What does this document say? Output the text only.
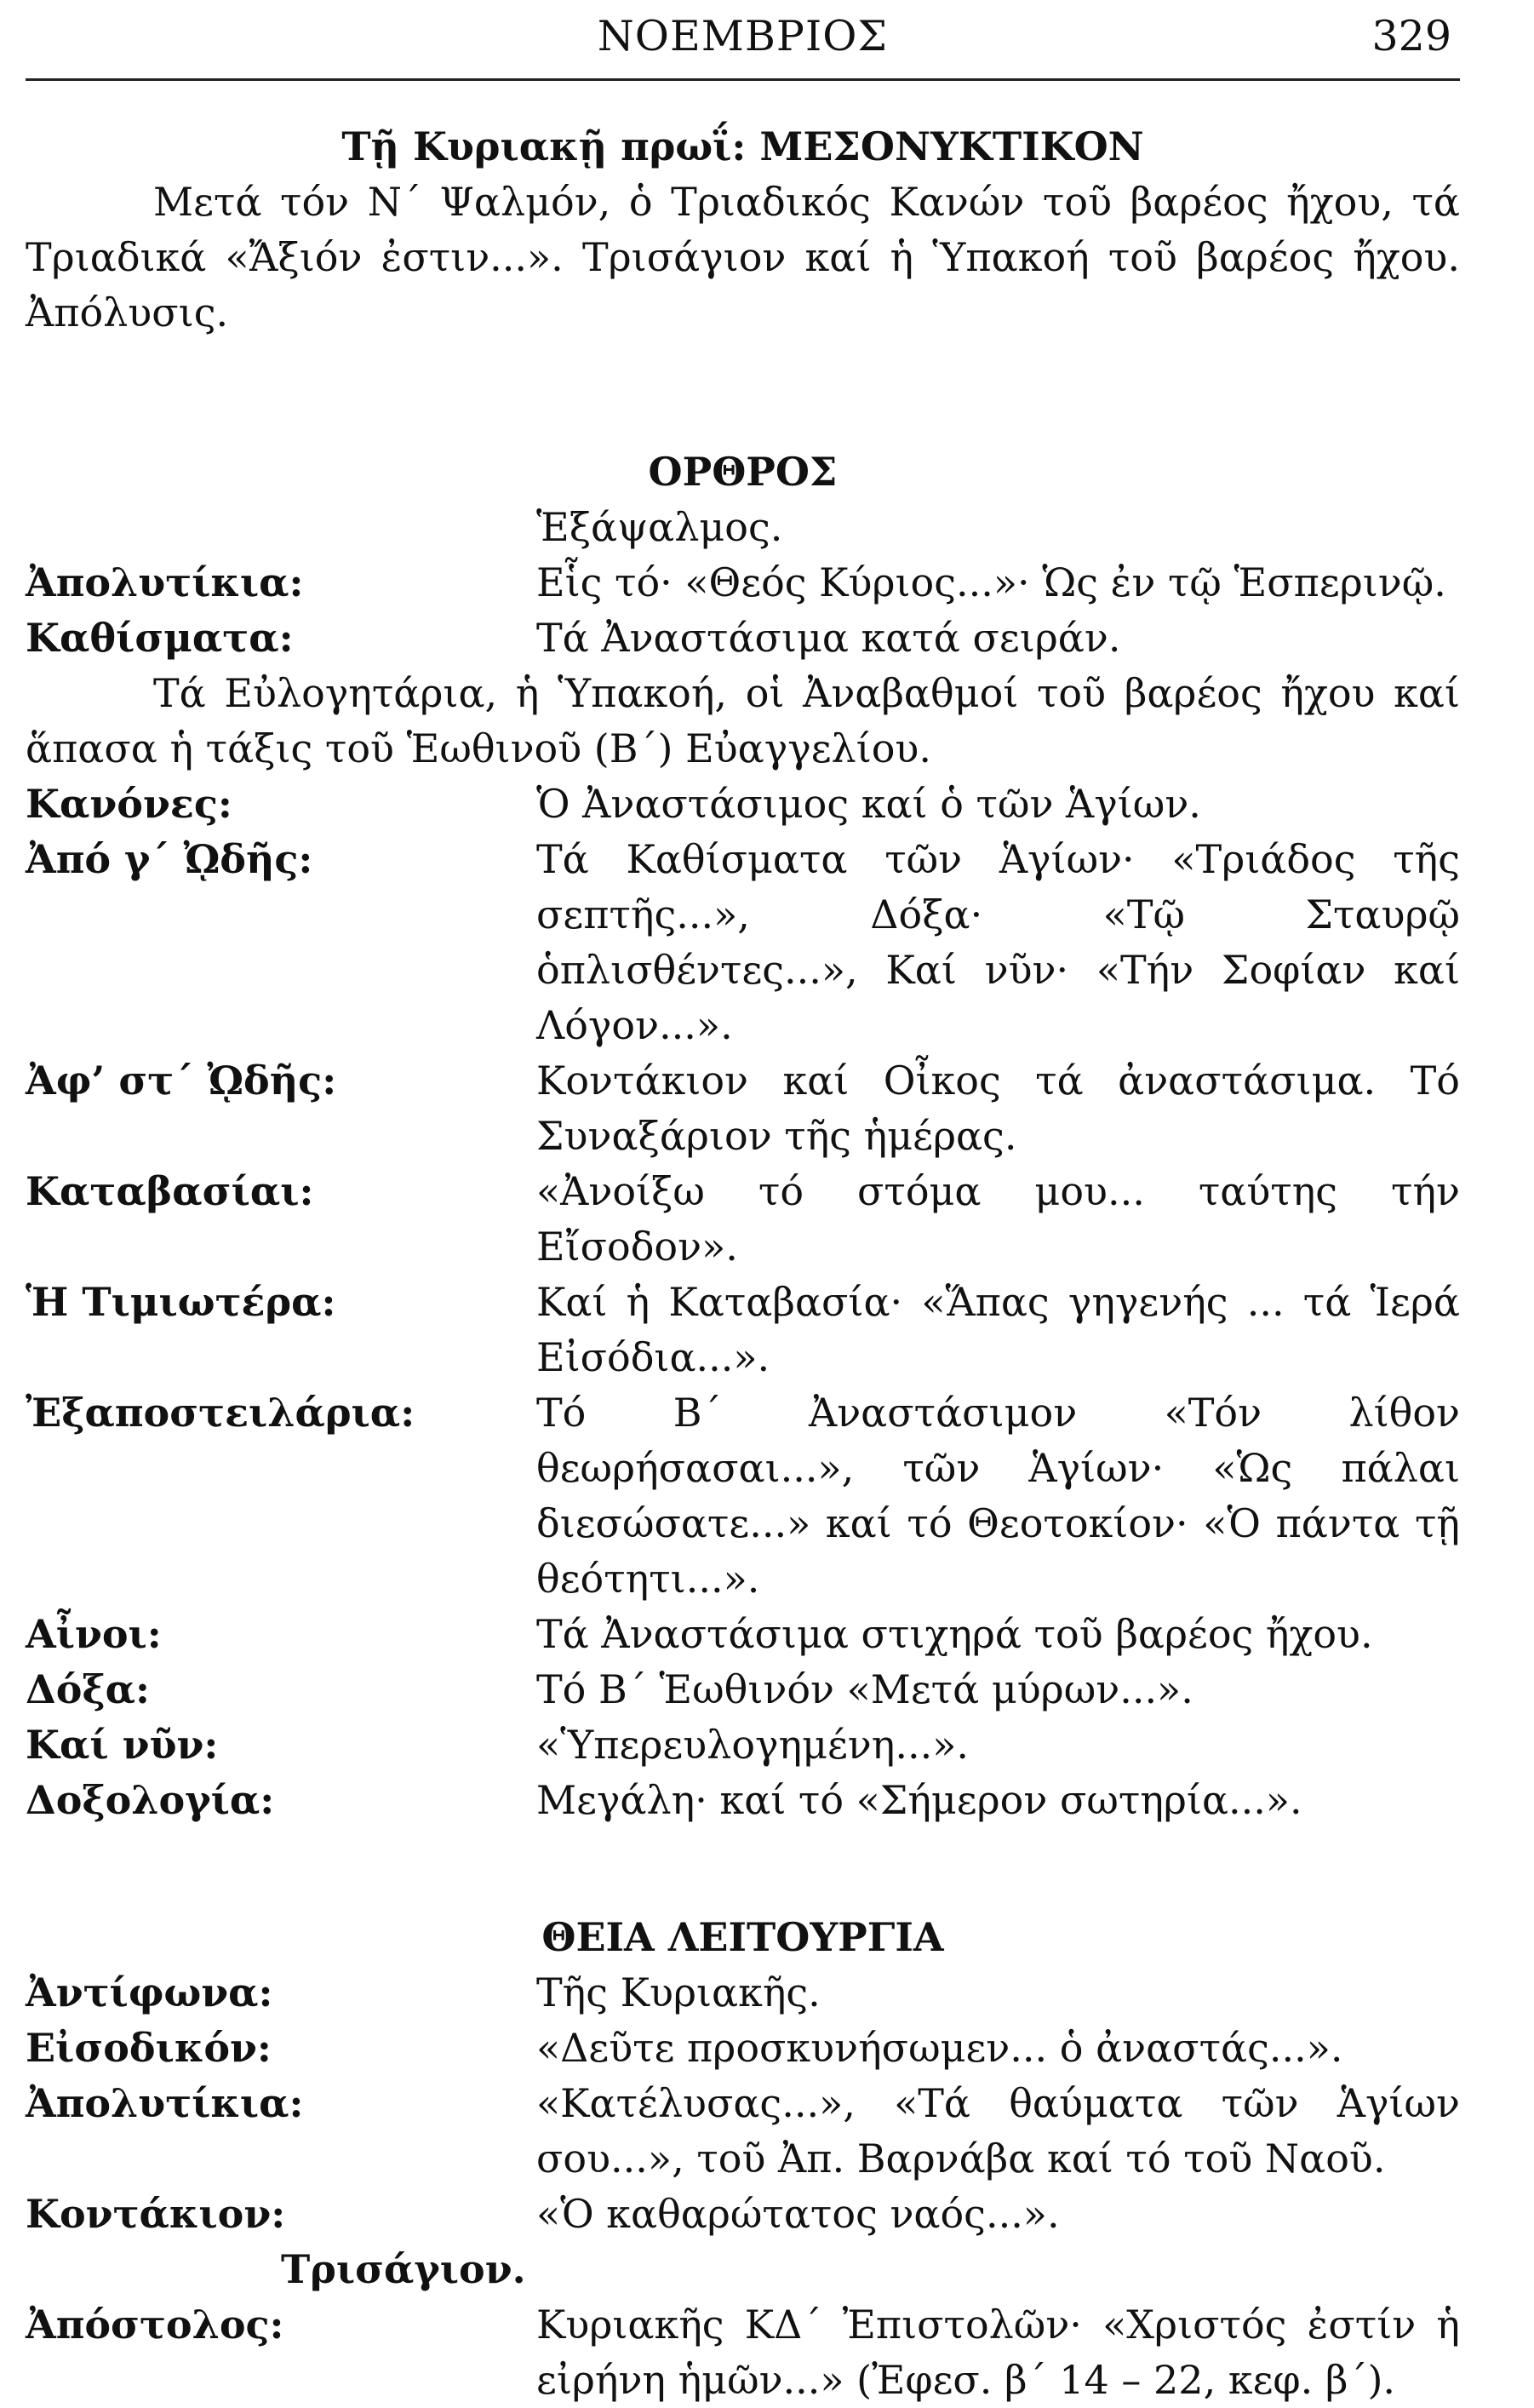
ΝΟΕΜΒΡΙΟΣ	329
Τῇ Κυριακῇ πρωΐ: ΜΕΣΟΝΥΚΤΙΚΟΝ
Μετά τόν Ν΄ Ψαλμόν, ὁ Τριαδικός Κανών τοῦ βαρέος ἤχου, τά Τριαδικά «Ἄξιόν ἐστιν...». Τρισάγιον καί ἡ Ὑπακοή τοῦ βαρέος ἤχου. Ἀπόλυσις.
ΟΡΘΡΟΣ
Ἑξάψαλμος.
Ἀπολυτίκια:	Εἷς τό· «Θεός Κύριος...»· Ὡς ἐν τῷ Ἑσπερινῷ.
Καθίσματα:	Τά Ἀναστάσιμα κατά σειράν.
Τά Εὐλογητάρια, ἡ Ὑπακοή, οἱ Ἀναβαθμοί τοῦ βαρέος ἤχου καί ἅπασα ἡ τάξις τοῦ Ἑωθινοῦ (Β΄) Εὐαγγελίου.
Κανόνες:	Ὁ Ἀναστάσιμος καί ὁ τῶν Ἁγίων.
Ἀπό γ΄ ᾨδῆς:	Τά Καθίσματα τῶν Ἁγίων· «Τριάδος τῆς σεπτῆς...», Δόξα· «Τῷ Σταυρῷ ὁπλισθέντες...», Καί νῦν· «Τήν Σοφίαν καί Λόγον...».
Ἀφ’ στ΄ ᾨδῆς:	Κοντάκιον καί Οἶκος τά ἀναστάσιμα. Τό Συναξάριον τῆς ἡμέρας.
Καταβασίαι:	«Ἀνοίξω τό στόμα μου... ταύτης τήν Εἴσοδον».
Ἡ Τιμιωτέρα:	Καί ἡ Καταβασία· «Ἅπας γηγενής ... τά Ἱερά Εἰσόδια...».
Ἐξαποστειλάρια:	Τό Β΄ Ἀναστάσιμον «Τόν λίθον θεωρήσασαι...», τῶν Ἁγίων· «Ὡς πάλαι διεσώσατε...» καί τό Θεοτοκίον· «Ὁ πάντα τῇ θεότητι...».
Αἶνοι:	Τά Ἀναστάσιμα στιχηρά τοῦ βαρέος ἤχου.
Δόξα:	Τό Β΄ Ἑωθινόν «Μετά μύρων...».
Καί νῦν:	«Ὑπερευλογημένη...».
Δοξολογία:	Μεγάλη· καί τό «Σήμερον σωτηρία...».
ΘΕΙΑ ΛΕΙΤΟΥΡΓΙΑ
Ἀντίφωνα:	Τῆς Κυριακῆς.
Εἰσοδικόν:	«Δεῦτε προσκυνήσωμεν... ὁ ἀναστάς...».
Ἀπολυτίκια:	«Κατέλυσας...», «Τά θαύματα τῶν Ἁγίων σου...», τοῦ Ἀπ. Βαρνάβα καί τό τοῦ Ναοῦ.
Κοντάκιον:	«Ὁ καθαρώτατος ναός...».
Τρισάγιον.
Ἀπόστολος:	Κυριακῆς ΚΔ΄ Ἐπιστολῶν· «Χριστός ἐστίν ἡ εἰρήνη ἡμῶν...» (Ἐφεσ. β΄ 14 – 22, κεφ. β΄).
